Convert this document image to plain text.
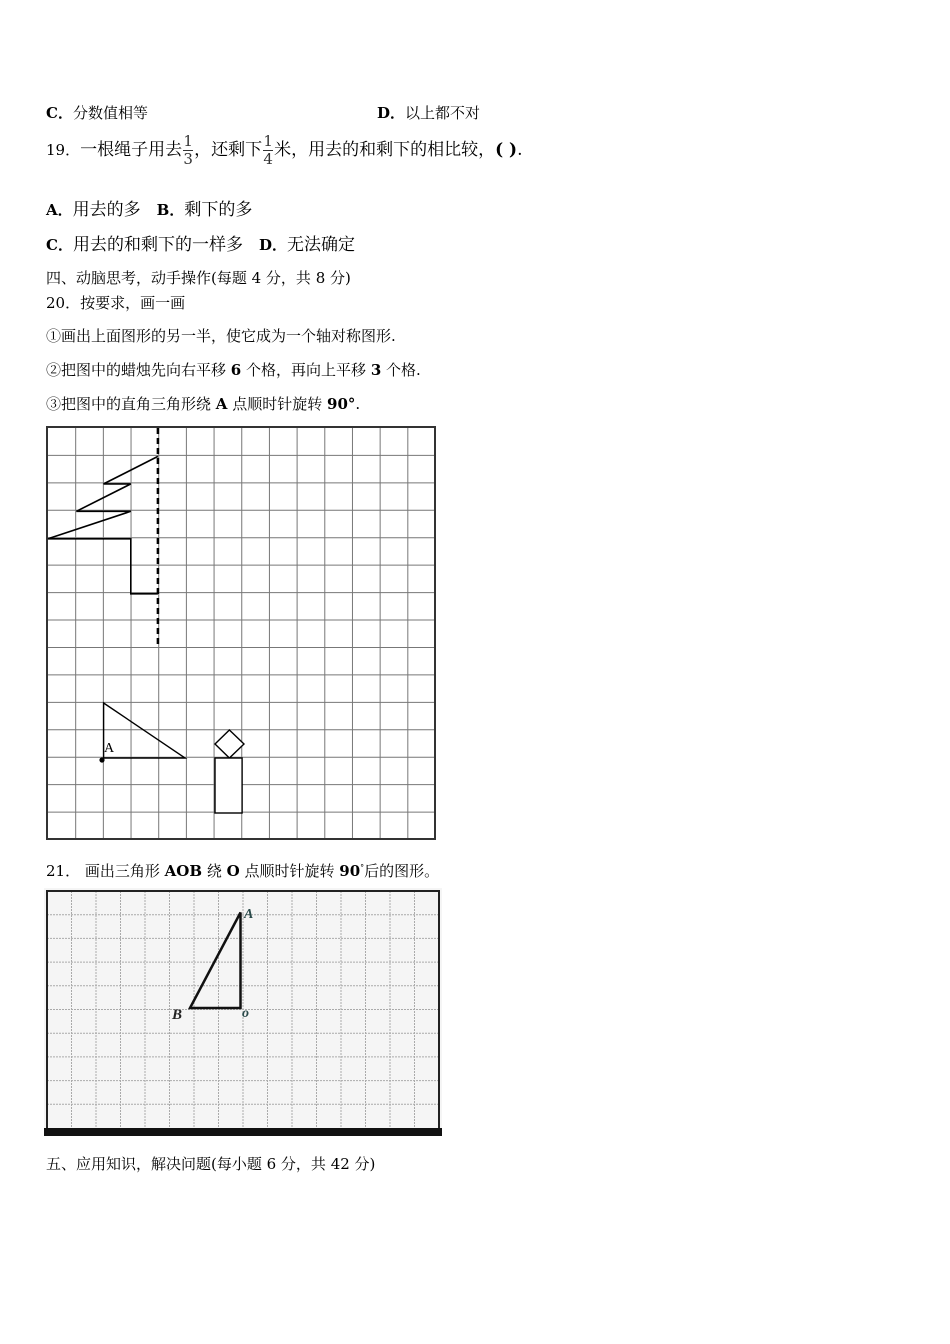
C．分数值相等	D．以上都不对
19．一根绳子用去 $\frac{1}{3}$ ，还剩下 $\frac{1}{4}$ 米，用去的和剩下的相比较，( ).
A．用去的多 B．剩下的多
C．用去的和剩下的一样多 D．无法确定
四、动脑思考，动手操作(每题 4 分，共 8 分)
20．按要求，画一画
①画出上面图形的另一半，使它成为一个轴对称图形.
②把图中的蜡烛先向右平移 6 个格，再向上平移 3 个格.
③把图中的直角三角形绕 A 点顺时针旋转 90°.
A
21． 画出三角形 AOB 绕 O 点顺时针旋转 90°后的图形。
A
B	o
五、应用知识，解决问题(每小题 6 分，共 42 分)
